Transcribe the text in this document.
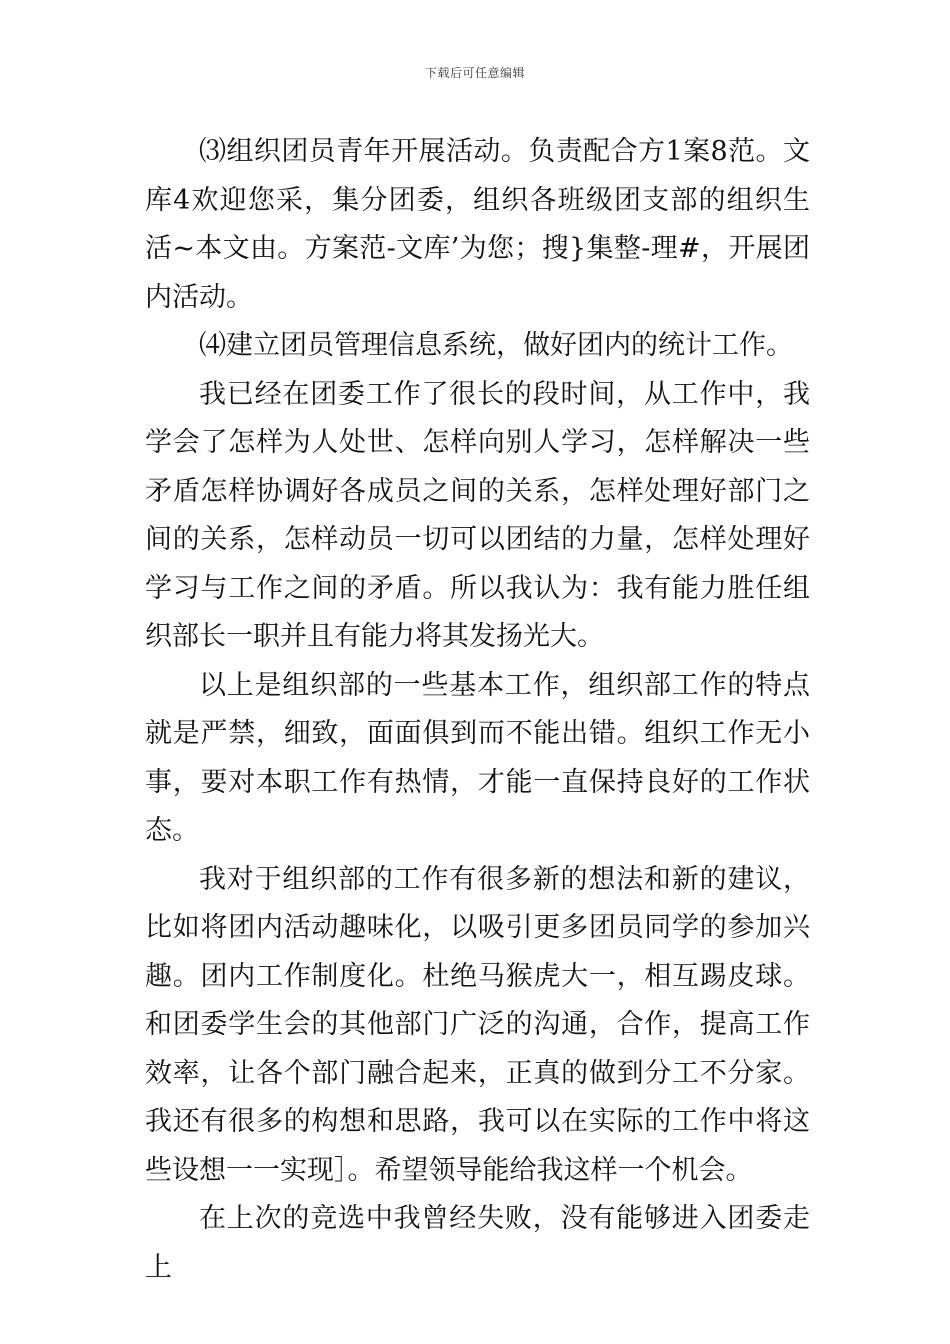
下载后可任意编辑

⑶组织团员青年开展活动。负责配合方1案8范。文库4欢迎您采，集分团委，组织各班级团支部的组织生活~本文由。方案范-文库’为您；搜}集整-理#，开展团内活动。

⑷建立团员管理信息系统，做好团内的统计工作。

我已经在团委工作了很长的段时间，从工作中，我学会了怎样为人处世、怎样向别人学习，怎样解决一些矛盾怎样协调好各成员之间的关系，怎样处理好部门之间的关系，怎样动员一切可以团结的力量，怎样处理好学习与工作之间的矛盾。所以我认为：我有能力胜任组织部长一职并且有能力将其发扬光大。

以上是组织部的一些基本工作，组织部工作的特点就是严禁，细致，面面俱到而不能出错。组织工作无小事，要对本职工作有热情，才能一直保持良好的工作状态。

我对于组织部的工作有很多新的想法和新的建议，比如将团内活动趣味化，以吸引更多团员同学的参加兴趣。团内工作制度化。杜绝马猴虎大一，相互踢皮球。和团委学生会的其他部门广泛的沟通，合作，提高工作效率，让各个部门融合起来，正真的做到分工不分家。我还有很多的构想和思路，我可以在实际的工作中将这些设想一一实现］。希望领导能给我这样一个机会。

在上次的竞选中我曾经失败，没有能够进入团委走上
